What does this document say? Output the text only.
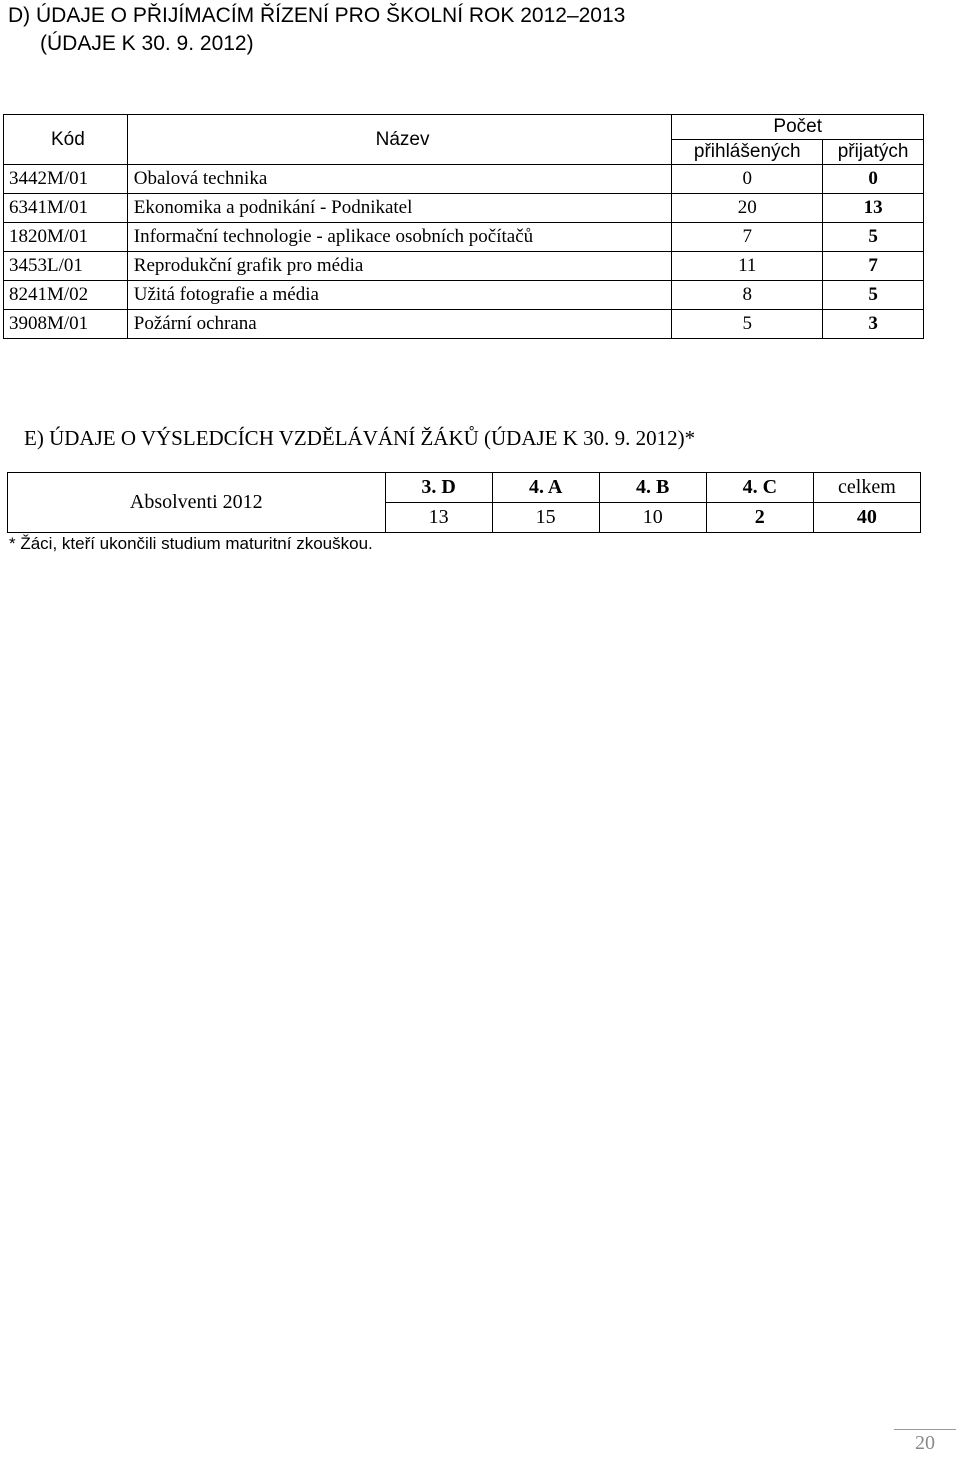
D) ÚDAJE O PŘIJÍMACÍM ŘÍZENÍ PRO ŠKOLNÍ ROK 2012–2013
(ÚDAJE K 30. 9. 2012)
Kód	Název	Počet	
		přihlášených	přijatých
3442M/01	Obalová technika	0	0
6341M/01	Ekonomika a podnikání - Podnikatel	20	13
1820M/01	Informační technologie - aplikace osobních počítačů	7	5
3453L/01	Reprodukční grafik pro média	11	7
8241M/02	Užitá fotografie a média	8	5
3908M/01	Požární ochrana	5	3
E) ÚDAJE O VÝSLEDCÍCH VZDĚLÁVÁNÍ ŽÁKŮ (ÚDAJE K 30. 9. 2012)*
Absolventi 2012	3. D	4. A	4. B	4. C	celkem
	13	15	10	2	40

* Žáci, kteří ukončili studium maturitní zkouškou.

20
